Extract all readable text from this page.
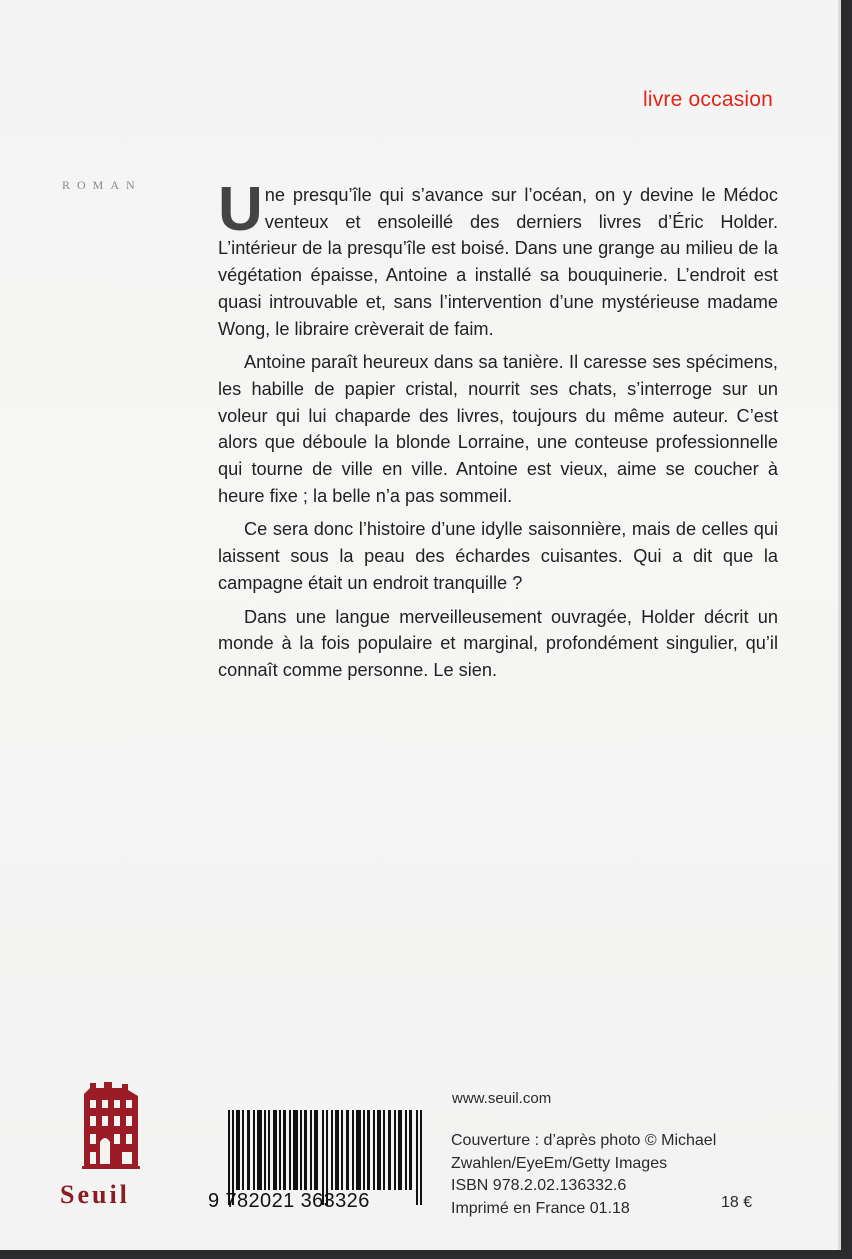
livre occasion
ROMAN Une presqu’île qui s’avance sur l’océan, on y devine le Médoc venteux et ensoleillé des derniers livres d’Éric Holder. L’intérieur de la presqu’île est boisé. Dans une grange au milieu de la végétation épaisse, Antoine a installé sa bouquinerie. L’endroit est quasi introuvable et, sans l’intervention d’une mystérieuse madame Wong, le libraire crèverait de faim.

Antoine paraît heureux dans sa tanière. Il caresse ses spécimens, les habille de papier cristal, nourrit ses chats, s’interroge sur un voleur qui lui chaparde des livres, toujours du même auteur. C’est alors que déboule la blonde Lorraine, une conteuse professionnelle qui tourne de ville en ville. Antoine est vieux, aime se coucher à heure fixe ; la belle n’a pas sommeil.

Ce sera donc l’histoire d’une idylle saisonnière, mais de celles qui laissent sous la peau des échardes cuisantes. Qui a dit que la campagne était un endroit tranquille ?

Dans une langue merveilleusement ouvragée, Holder décrit un monde à la fois populaire et marginal, profondément singulier, qu’il connaît comme personne. Le sien.

Seuil	9 782021 363326
www.seuil.com
Couverture : d’après photo © Michael
Zwahlen/EyeEm/Getty Images
ISBN 978.2.02.136332.6
Imprimé en France 01.18	18 €
